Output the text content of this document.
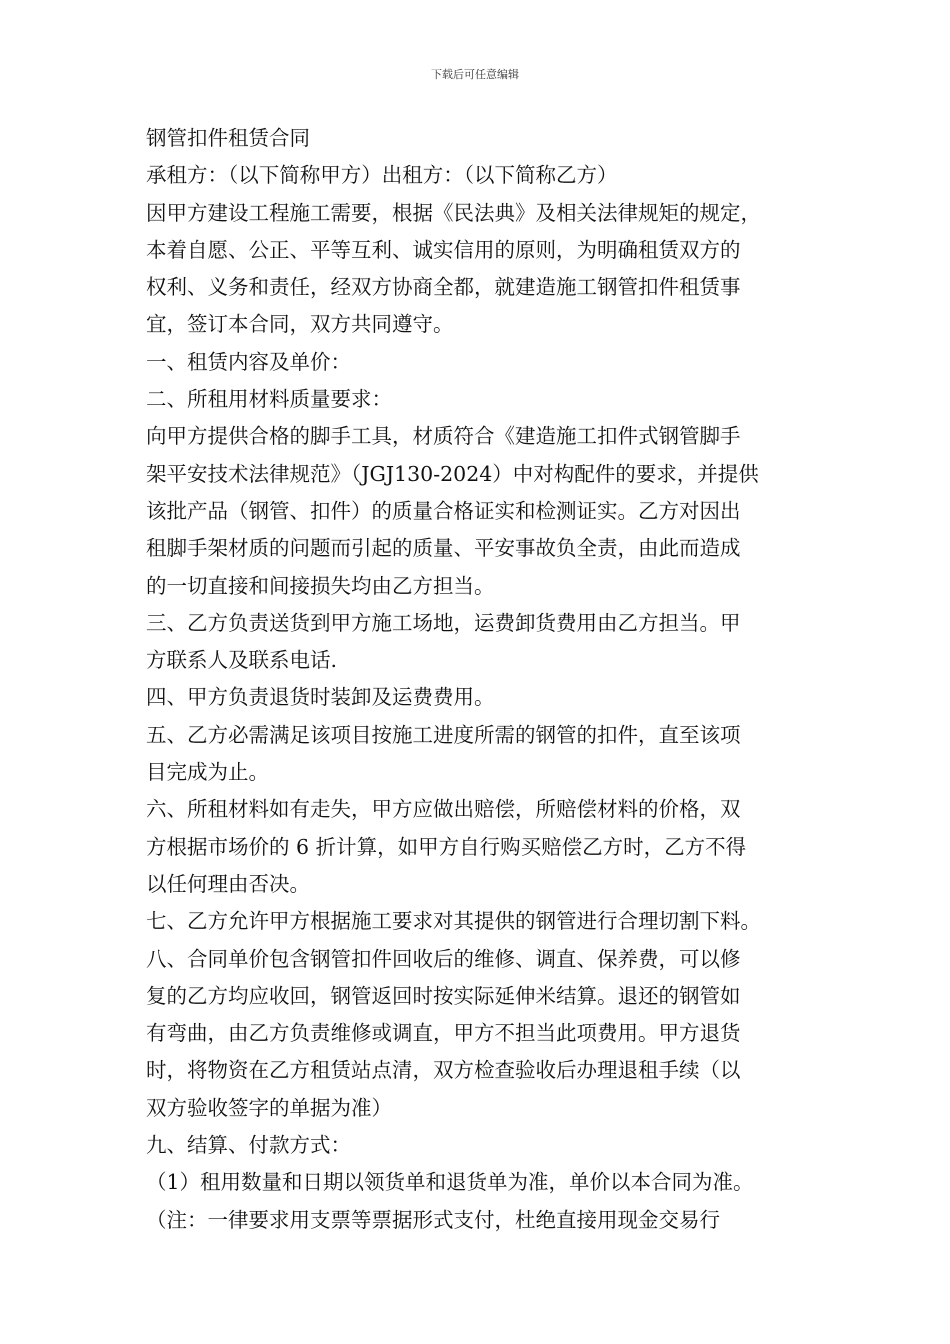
下载后可任意编辑
钢管扣件租赁合同
承租方：（以下简称甲方）出租方：（以下简称乙方）
因甲方建设工程施工需要，根据《民法典》及相关法律规矩的规定，
本着自愿、公正、平等互利、诚实信用的原则，为明确租赁双方的
权利、义务和责任，经双方协商全都，就建造施工钢管扣件租赁事
宜，签订本合同，双方共同遵守。
一、租赁内容及单价：
二、所租用材料质量要求：
向甲方提供合格的脚手工具，材质符合《建造施工扣件式钢管脚手
架平安技术法律规范》（JGJ130-2024）中对构配件的要求，并提供
该批产品（钢管、扣件）的质量合格证实和检测证实。乙方对因出
租脚手架材质的问题而引起的质量、平安事故负全责，由此而造成
的一切直接和间接损失均由乙方担当。
三、乙方负责送货到甲方施工场地，运费卸货费用由乙方担当。甲
方联系人及联系电话.
四、甲方负责退货时装卸及运费费用。
五、乙方必需满足该项目按施工进度所需的钢管的扣件，直至该项
目完成为止。
六、所租材料如有走失，甲方应做出赔偿，所赔偿材料的价格，双
方根据市场价的 6 折计算，如甲方自行购买赔偿乙方时，乙方不得
以任何理由否决。
七、乙方允许甲方根据施工要求对其提供的钢管进行合理切割下料。
八、合同单价包含钢管扣件回收后的维修、调直、保养费，可以修
复的乙方均应收回，钢管返回时按实际延伸米结算。退还的钢管如
有弯曲，由乙方负责维修或调直，甲方不担当此项费用。甲方退货
时，将物资在乙方租赁站点清，双方检查验收后办理退租手续（以
双方验收签字的单据为准）
九、结算、付款方式：
（1）租用数量和日期以领货单和退货单为准，单价以本合同为准。
（注：一律要求用支票等票据形式支付，杜绝直接用现金交易行
